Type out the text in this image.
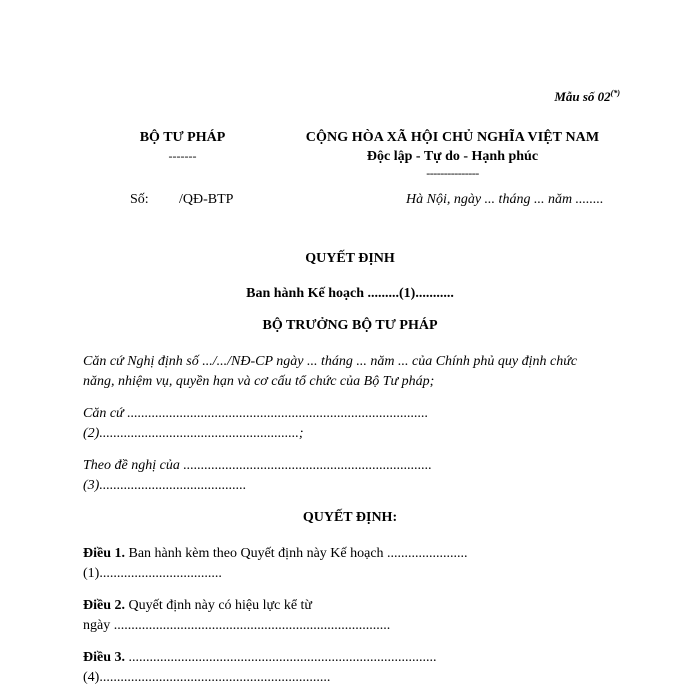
Mẫu số 02(*)
BỘ TƯ PHÁP
-------
CỘNG HÒA XÃ HỘI CHỦ NGHĨA VIỆT NAM
Độc lập - Tự do - Hạnh phúc
---------------
Số: /QĐ-BTP	Hà Nội, ngày ... tháng ... năm ........
QUYẾT ĐỊNH
Ban hành Kế hoạch .........(1)...........
BỘ TRƯỞNG BỘ TƯ PHÁP
Căn cứ Nghị định số .../.../NĐ-CP ngày ... tháng ... năm ... của Chính phủ quy định chức
năng, nhiệm vụ, quyền hạn và cơ cấu tổ chức của Bộ Tư pháp;
Căn cứ ......................................................................................
(2).........................................................;
Theo đề nghị của .......................................................................
(3)..........................................
QUYẾT ĐỊNH:
Điều 1. Ban hành kèm theo Quyết định này Kế hoạch .......................
(1)...................................
Điều 2. Quyết định này có hiệu lực kể từ
ngày ...............................................................................
Điều 3. ........................................................................................
(4)..................................................................
